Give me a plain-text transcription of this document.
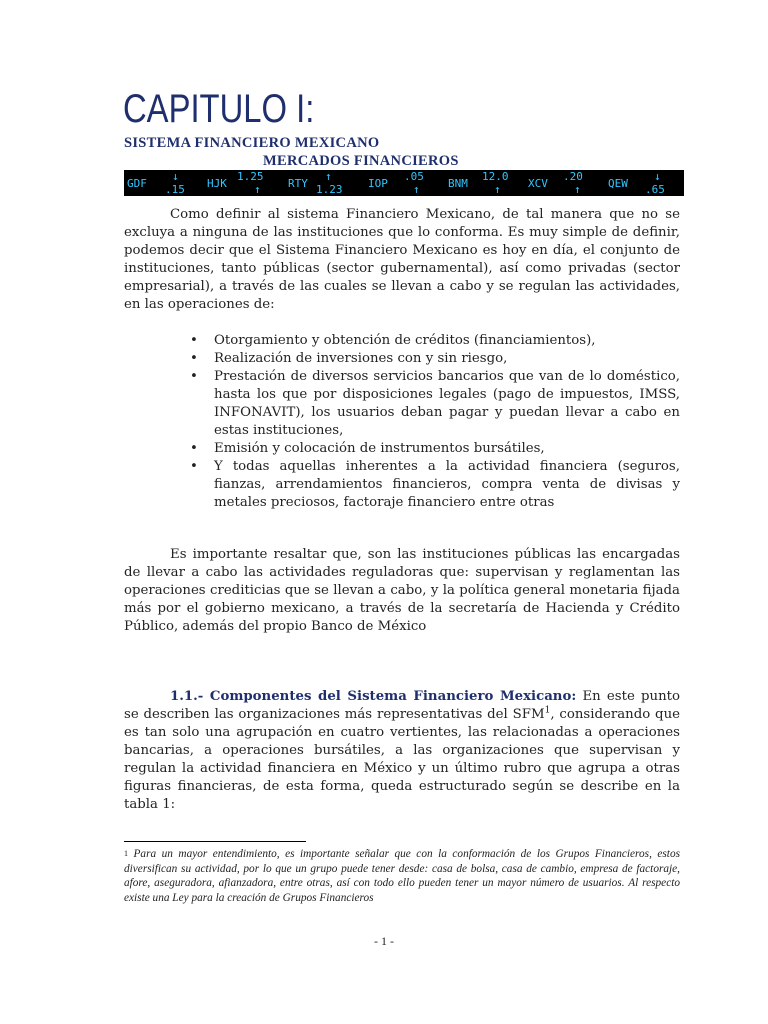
CAPITULO I:

SISTEMA FINANCIERO MEXICANO

MERCADOS FINANCIEROS

GDF
↓
.15 HJK
1.25
↑ RTY
↑
1.23 IOP
.05
↑	BNM
12.0
↑ XCV
.20
↑ QEW
↓
.65

Como definir al sistema Financiero Mexicano, de tal manera que no se excluya a ninguna de las instituciones que lo conforma. Es muy simple de definir, podemos decir que el Sistema Financiero Mexicano es hoy en día, el conjunto de instituciones, tanto públicas (sector gubernamental), así como privadas (sector empresarial), a través de las cuales se llevan a cabo y se regulan las actividades, en las operaciones de:

• Otorgamiento y obtención de créditos (financiamientos),
• Realización de inversiones con y sin riesgo,
• Prestación de diversos servicios bancarios que van de lo doméstico, hasta los que por disposiciones legales (pago de impuestos, IMSS, INFONAVIT), los usuarios deban pagar y puedan llevar a cabo en estas instituciones,
• Emisión y colocación de instrumentos bursátiles,
• Y todas aquellas inherentes a la actividad financiera (seguros, fianzas, arrendamientos financieros, compra venta de divisas y metales preciosos, factoraje financiero entre otras

Es importante resaltar que, son las instituciones públicas las encargadas de llevar a cabo las actividades reguladoras que: supervisan y reglamentan las operaciones crediticias que se llevan a cabo, y la política general monetaria fijada más por el gobierno mexicano, a través de la secretaría de Hacienda y Crédito Público, además del propio Banco de México

1.1.- Componentes del Sistema Financiero Mexicano: En este punto se describen las organizaciones más representativas del SFM$^1$, considerando que es tan solo una agrupación en cuatro vertientes, las relacionadas a operaciones bancarias, a operaciones bursátiles, a las organizaciones que supervisan y regulan la actividad financiera en México y un último rubro que agrupa a otras figuras financieras, de esta forma, queda estructurado según se describe en la tabla 1:

$^1$ Para un mayor entendimiento, es importante señalar que con la conformación de los Grupos Financieros, estos diversifican su actividad, por lo que un grupo puede tener desde: casa de bolsa, casa de cambio, empresa de factoraje, afore, aseguradora, afianzadora, entre otras, así con todo ello pueden tener un mayor número de usuarios. Al respecto existe una Ley para la creación de Grupos Financieros

- 1 -
